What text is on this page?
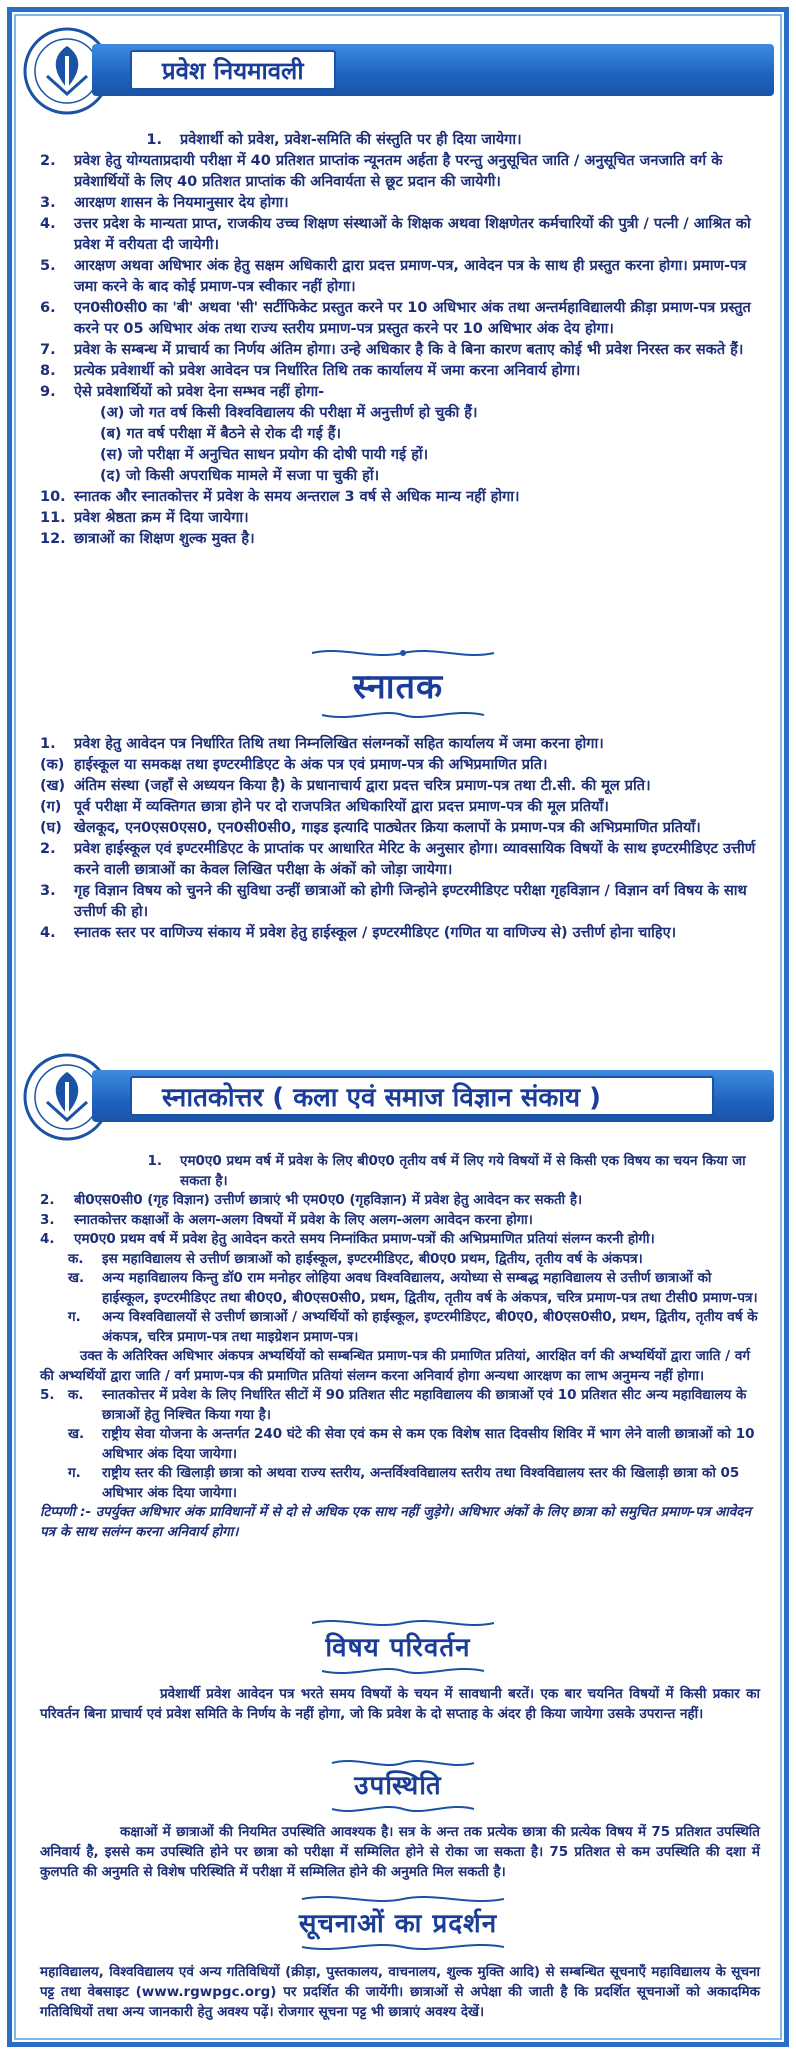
प्रवेश नियमावली
1.	प्रवेशार्थी को प्रवेश, प्रवेश-समिति की संस्तुति पर ही दिया जायेगा।
2.	प्रवेश हेतु योग्यताप्रदायी परीक्षा में 40 प्रतिशत प्राप्तांक न्यूनतम अर्हता है परन्तु अनुसूचित जाति / अनुसूचित जनजाति वर्ग के प्रवेशार्थियों के लिए 40 प्रतिशत प्राप्तांक की अनिवार्यता से छूट प्रदान की जायेगी।
3.	आरक्षण शासन के नियमानुसार देय होगा।
4.	उत्तर प्रदेश के मान्यता प्राप्त, राजकीय उच्च शिक्षण संस्थाओं के शिक्षक अथवा शिक्षणेतर कर्मचारियों की पुत्री / पत्नी / आश्रित को प्रवेश में वरीयता दी जायेगी।
5.	आरक्षण अथवा अधिभार अंक हेतु सक्षम अधिकारी द्वारा प्रदत्त प्रमाण-पत्र, आवेदन पत्र के साथ ही प्रस्तुत करना होगा। प्रमाण-पत्र जमा करने के बाद कोई प्रमाण-पत्र स्वीकार नहीं होगा।
6.	एन0सी0सी0 का 'बी' अथवा 'सी' सर्टीफिकेट प्रस्तुत करने पर 10 अधिभार अंक तथा अन्तर्महाविद्यालयी क्रीड़ा प्रमाण-पत्र प्रस्तुत करने पर 05 अधिभार अंक तथा राज्य स्तरीय प्रमाण-पत्र प्रस्तुत करने पर 10 अधिभार अंक देय होगा।
7.	प्रवेश के सम्बन्ध में प्राचार्य का निर्णय अंतिम होगा। उन्हे अधिकार है कि वे बिना कारण बताए कोई भी प्रवेश निरस्त कर सकते हैं।
8.	प्रत्येक प्रवेशार्थी को प्रवेश आवेदन पत्र निर्धारित तिथि तक कार्यालय में जमा करना अनिवार्य होगा।
9.	ऐसे प्रवेशार्थियों को प्रवेश देना सम्भव नहीं होगा-
(अ) जो गत वर्ष किसी विश्वविद्यालय की परीक्षा में अनुत्तीर्ण हो चुकी हैं।
(ब) गत वर्ष परीक्षा में बैठने से रोक दी गई हैं।
(स) जो परीक्षा में अनुचित साधन प्रयोग की दोषी पायी गई हों।
(द) जो किसी अपराधिक मामले में सजा पा चुकी हों।
10. स्नातक और स्नातकोत्तर में प्रवेश के समय अन्तराल 3 वर्ष से अधिक मान्य नहीं होगा।
11. प्रवेश श्रेष्ठता क्रम में दिया जायेगा।
12. छात्राओं का शिक्षण शुल्क मुक्त है।
स्नातक
1.	प्रवेश हेतु आवेदन पत्र निर्धारित तिथि तथा निम्नलिखित संलग्नकों सहित कार्यालय में जमा करना होगा।
(क) हाईस्कूल या समकक्ष तथा इण्टरमीडिएट के अंक पत्र एवं प्रमाण-पत्र की अभिप्रमाणित प्रति।
(ख) अंतिम संस्था (जहाँ से अध्ययन किया है) के प्रधानाचार्य द्वारा प्रदत्त चरित्र प्रमाण-पत्र तथा टी.सी. की मूल प्रति।
(ग) पूर्व परीक्षा में व्यक्तिगत छात्रा होने पर दो राजपत्रित अधिकारियों द्वारा प्रदत्त प्रमाण-पत्र की मूल प्रतियाँ।
(घ) खेलकूद, एन0एस0एस0, एन0सी0सी0, गाइड इत्यादि पाठ्येतर क्रिया कलापों के प्रमाण-पत्र की अभिप्रमाणित प्रतियाँ।
2.	प्रवेश हाईस्कूल एवं इण्टरमीडिएट के प्राप्तांक पर आधारित मेरिट के अनुसार होगा। व्यावसायिक विषयों के साथ इण्टरमीडिएट उत्तीर्ण करने वाली छात्राओं का केवल लिखित परीक्षा के अंकों को जोड़ा जायेगा।
3.	गृह विज्ञान विषय को चुनने की सुविधा उन्हीं छात्राओं को होगी जिन्होने इण्टरमीडिएट परीक्षा गृहविज्ञान / विज्ञान वर्ग विषय के साथ उत्तीर्ण की हो।
4.	स्नातक स्तर पर वाणिज्य संकाय में प्रवेश हेतु हाईस्कूल / इण्टरमीडिएट (गणित या वाणिज्य से) उत्तीर्ण होना चाहिए।
स्नातकोत्तर ( कला एवं समाज विज्ञान संकाय )
1.	एम0ए0 प्रथम वर्ष में प्रवेश के लिए बी0ए0 तृतीय वर्ष में लिए गये विषयों में से किसी एक विषय का चयन किया जा सकता है।
2.	बी0एस0सी0 (गृह विज्ञान) उत्तीर्ण छात्राएं भी एम0ए0 (गृहविज्ञान) में प्रवेश हेतु आवेदन कर सकती है।
3.	स्नातकोत्तर कक्षाओं के अलग-अलग विषयों में प्रवेश के लिए अलग-अलग आवेदन करना होगा।
4.	एम0ए0 प्रथम वर्ष में प्रवेश हेतु आवेदन करते समय निम्नांकित प्रमाण-पत्रों की अभिप्रमाणित प्रतियां संलग्न करनी होगी।
क.	इस महाविद्यालय से उत्तीर्ण छात्राओं को हाईस्कूल, इण्टरमीडिएट, बी0ए0 प्रथम, द्वितीय, तृतीय वर्ष के अंकपत्र।
ख.	अन्य महाविद्यालय किन्तु डॉ0 राम मनोहर लोहिया अवध विश्वविद्यालय, अयोध्या से सम्बद्ध महाविद्यालय से उत्तीर्ण छात्राओं को हाईस्कूल, इण्टरमीडिएट तथा बी0ए0, बी0एस0सी0, प्रथम, द्वितीय, तृतीय वर्ष के अंकपत्र, चरित्र प्रमाण-पत्र तथा टीसी0 प्रमाण-पत्र।
ग.	अन्य विश्वविद्यालयों से उत्तीर्ण छात्राओं / अभ्यर्थियों को हाईस्कूल, इण्टरमीडिएट, बी0ए0, बी0एस0सी0, प्रथम, द्वितीय, तृतीय वर्ष के अंकपत्र, चरित्र प्रमाण-पत्र तथा माइग्रेशन प्रमाण-पत्र।
उक्त के अतिरिक्त अधिभार अंकपत्र अभ्यर्थियों को सम्बन्धित प्रमाण-पत्र की प्रमाणित प्रतियां, आरक्षित वर्ग की अभ्यर्थियों द्वारा जाति / वर्ग की अभ्यर्थियों द्वारा जाति / वर्ग प्रमाण-पत्र की प्रमाणित प्रतियां संलग्न करना अनिवार्य होगा अन्यथा आरक्षण का लाभ अनुमन्य नहीं होगा।
5. क.	स्नातकोत्तर में प्रवेश के लिए निर्धारित सीटों में 90 प्रतिशत सीट महाविद्यालय की छात्राओं एवं 10 प्रतिशत सीट अन्य महाविद्यालय के छात्राओं हेतु निश्चित किया गया है।
ख.	राष्ट्रीय सेवा योजना के अन्तर्गत 240 घंटे की सेवा एवं कम से कम एक विशेष सात दिवसीय शिविर में भाग लेने वाली छात्राओं को 10 अधिभार अंक दिया जायेगा।
ग.	राष्ट्रीय स्तर की खिलाड़ी छात्रा को अथवा राज्य स्तरीय, अन्तर्विश्वविद्यालय स्तरीय तथा विश्वविद्यालय स्तर की खिलाड़ी छात्रा को 05 अधिभार अंक दिया जायेगा।
टिप्पणी :- उपर्युक्त अधिभार अंक प्राविधानों में से दो से अधिक एक साथ नहीं जुड़ेगे। अधिभार अंकों के लिए छात्रा को समुचित प्रमाण-पत्र आवेदन पत्र के साथ सलंग्न करना अनिवार्य होगा।
विषय परिवर्तन
प्रवेशार्थी प्रवेश आवेदन पत्र भरते समय विषयों के चयन में सावधानी बरतें। एक बार चयनित विषयों में किसी प्रकार का परिवर्तन बिना प्राचार्य एवं प्रवेश समिति के निर्णय के नहीं होगा, जो कि प्रवेश के दो सप्ताह के अंदर ही किया जायेगा उसके उपरान्त नहीं।
उपस्थिति
कक्षाओं में छात्राओं की नियमित उपस्थिति आवश्यक है। सत्र के अन्त तक प्रत्येक छात्रा की प्रत्येक विषय में 75 प्रतिशत उपस्थिति अनिवार्य है, इससे कम उपस्थिति होने पर छात्रा को परीक्षा में सम्मिलित होने से रोका जा सकता है। 75 प्रतिशत से कम उपस्थिति की दशा में कुलपति की अनुमति से विशेष परिस्थिति में परीक्षा में सम्मिलित होने की अनुमति मिल सकती है।
सूचनाओं का प्रदर्शन
महाविद्यालय, विश्वविद्यालय एवं अन्य गतिविधियों (क्रीड़ा, पुस्तकालय, वाचनालय, शुल्क मुक्ति आदि) से सम्बन्धित सूचनाएँ महाविद्यालय के सूचना पट्ट तथा वेबसाइट (www.rgwpgc.org) पर प्रदर्शित की जायेंगी। छात्राओं से अपेक्षा की जाती है कि प्रदर्शित सूचनाओं को अकादमिक गतिविधियों तथा अन्य जानकारी हेतु अवश्य पढ़ें। रोजगार सूचना पट्ट भी छात्राएं अवश्य देखें।
